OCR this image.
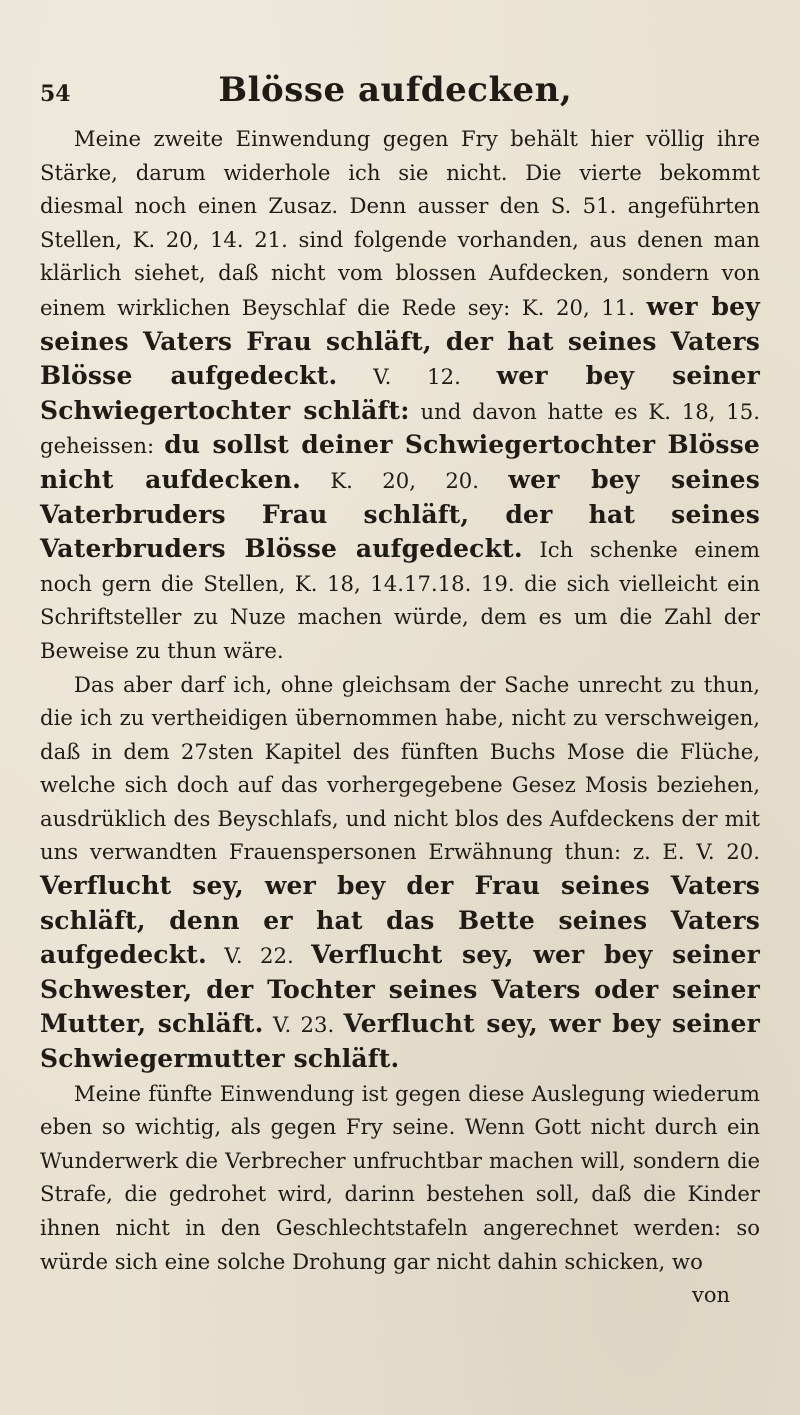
54	Blösse aufdecken,

Meine zweite Einwendung gegen Fry behält hier völlig ihre Stärke, darum widerhole ich sie nicht. Die vierte bekommt diesmal noch einen Zusaz. Denn ausser den S. 51. angeführten Stellen, K. 20, 14. 21. sind folgende vorhanden, aus denen man klärlich siehet, daß nicht vom blossen Aufdecken, sondern von einem wirklichen Beyschlaf die Rede sey: K. 20, 11. wer bey seines Vaters Frau schläft, der hat seines Vaters Blösse aufgedeckt. V. 12. wer bey seiner Schwiegertochter schläft: und davon hatte es K. 18, 15. geheissen: du sollst deiner Schwiegertochter Blösse nicht aufdecken. K. 20, 20. wer bey seines Vaterbruders Frau schläft, der hat seines Vaterbruders Blösse aufgedeckt. Ich schenke einem noch gern die Stellen, K. 18, 14.17.18. 19. die sich vielleicht ein Schriftsteller zu Nuze machen würde, dem es um die Zahl der Beweise zu thun wäre.

Das aber darf ich, ohne gleichsam der Sache unrecht zu thun, die ich zu vertheidigen übernommen habe, nicht zu verschweigen, daß in dem 27sten Kapitel des fünften Buchs Mose die Flüche, welche sich doch auf das vorhergegebene Gesez Mosis beziehen, ausdrüklich des Beyschlafs, und nicht blos des Aufdeckens der mit uns verwandten Frauenspersonen Erwähnung thun: z. E. V. 20. Verflucht sey, wer bey der Frau seines Vaters schläft, denn er hat das Bette seines Vaters aufgedeckt. V. 22. Verflucht sey, wer bey seiner Schwester, der Tochter seines Vaters oder seiner Mutter, schläft. V. 23. Verflucht sey, wer bey seiner Schwiegermutter schläft.

Meine fünfte Einwendung ist gegen diese Auslegung wiederum eben so wichtig, als gegen Fry seine. Wenn Gott nicht durch ein Wunderwerk die Verbrecher unfruchtbar machen will, sondern die Strafe, die gedrohet wird, darinn bestehen soll, daß die Kinder ihnen nicht in den Geschlechtstafeln angerechnet werden: so würde sich eine solche Drohung gar nicht dahin schicken, wo

von
